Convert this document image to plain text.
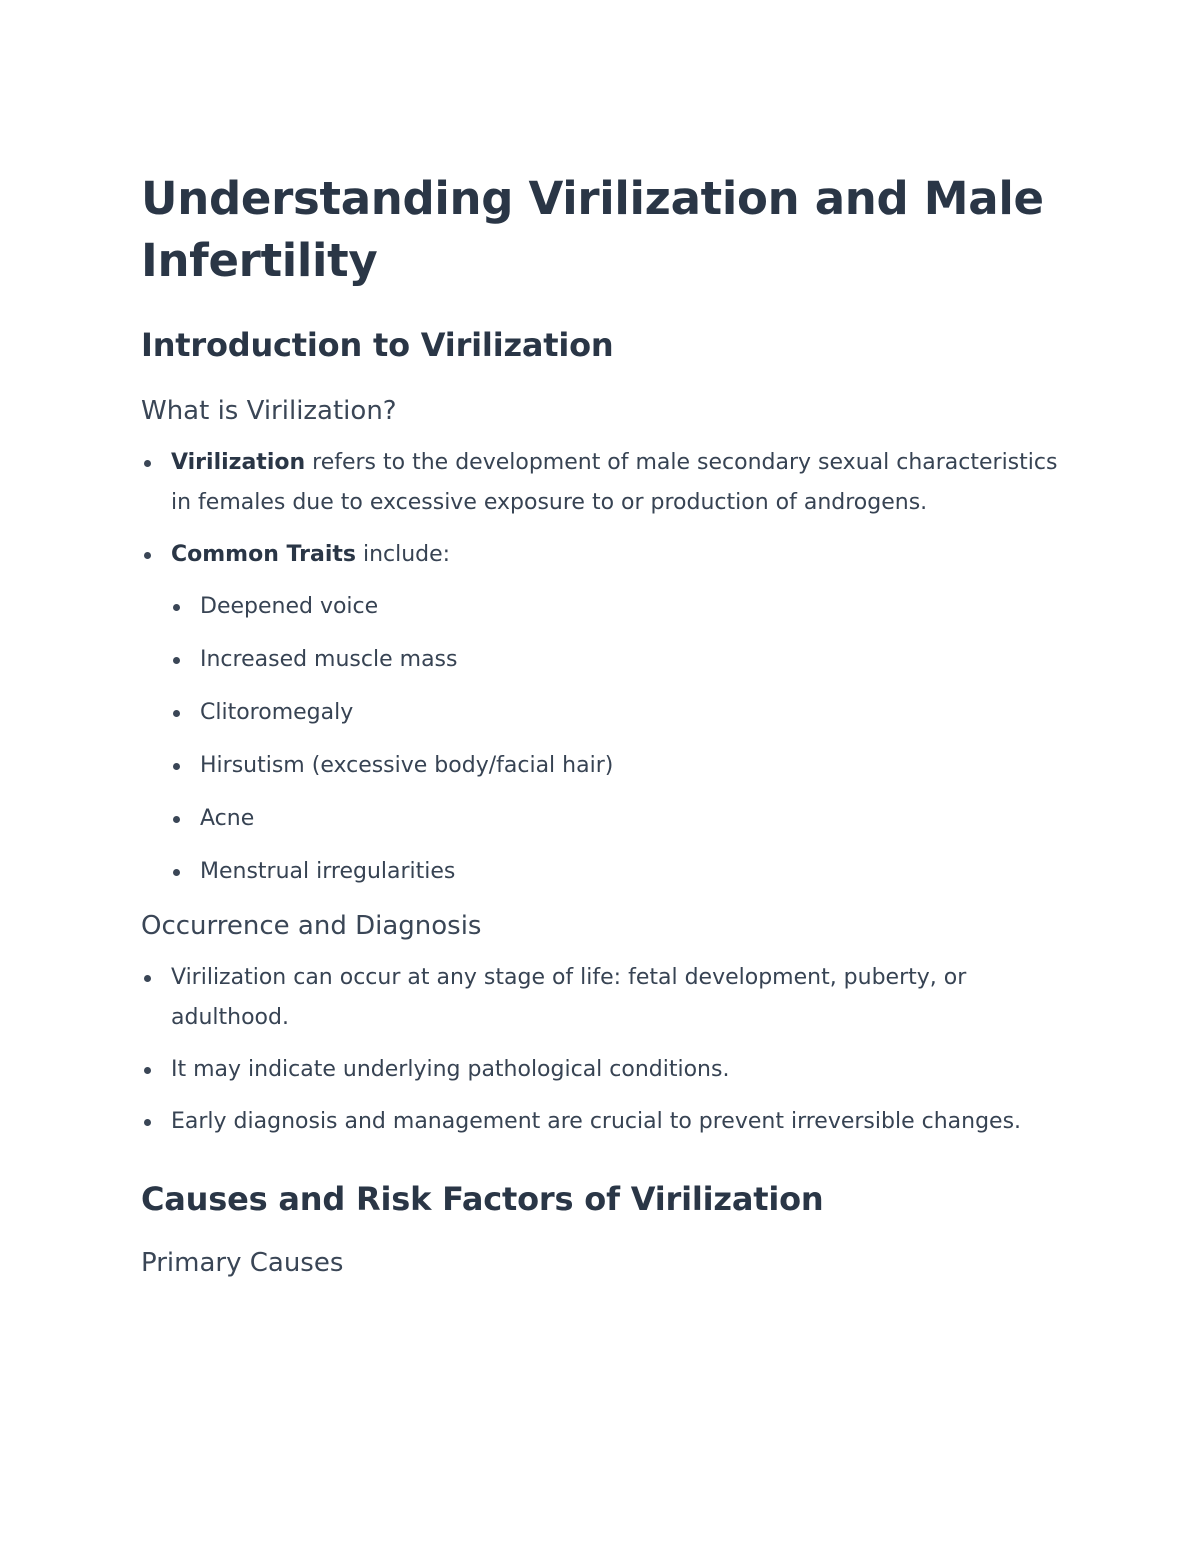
Understanding Virilization and Male Infertility
Introduction to Virilization
What is Virilization?
Virilization refers to the development of male secondary sexual characteristics in females due to excessive exposure to or production of androgens.
Common Traits include:
Deepened voice
Increased muscle mass
Clitoromegaly
Hirsutism (excessive body/facial hair)
Acne
Menstrual irregularities
Occurrence and Diagnosis
Virilization can occur at any stage of life: fetal development, puberty, or adulthood.
It may indicate underlying pathological conditions.
Early diagnosis and management are crucial to prevent irreversible changes.
Causes and Risk Factors of Virilization
Primary Causes
